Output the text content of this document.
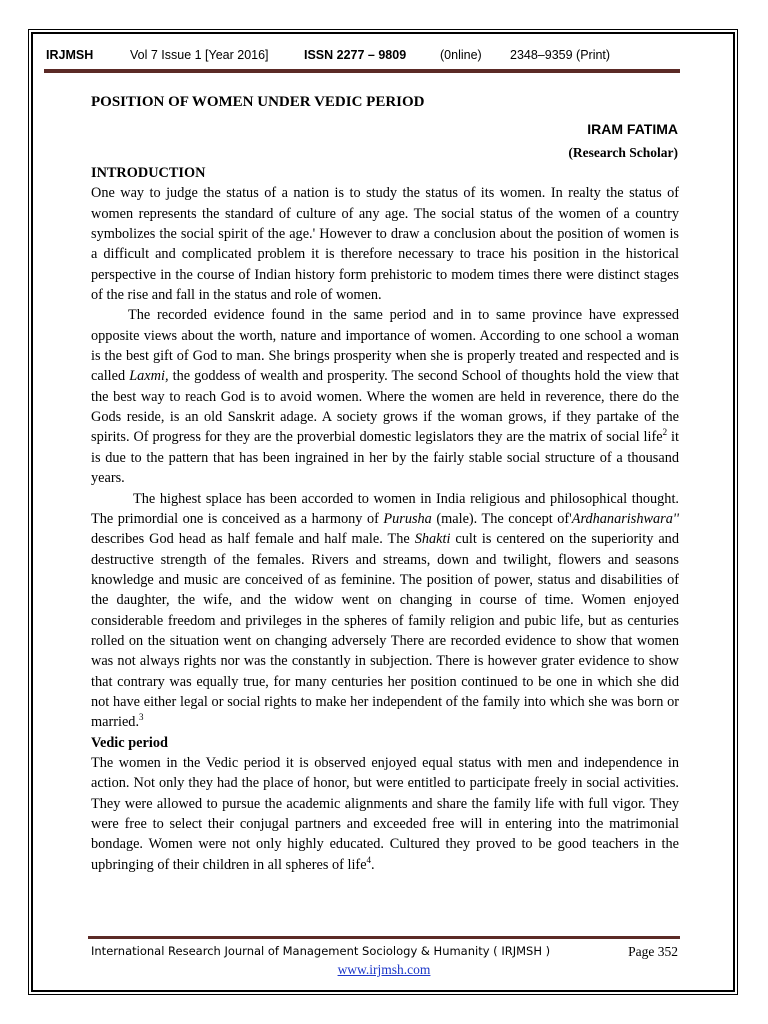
IRJMSH	Vol 7 Issue 1 [Year 2016]	ISSN 2277 – 9809	(0nline) 2348–9359 (Print)
POSITION OF WOMEN UNDER VEDIC PERIOD
IRAM FATIMA
(Research Scholar)
INTRODUCTION

One way to judge the status of a nation is to study the status of its women. In realty the status of women represents the standard of culture of any age. The social status of the women of a country symbolizes the social spirit of the age.' However to draw a conclusion about the position of women is a difficult and complicated problem it is therefore necessary to trace his position in the historical perspective in the course of Indian history form prehistoric to modem times there were distinct stages of the rise and fall in the status and role of women.

The recorded evidence found in the same period and in to same province have expressed opposite views about the worth, nature and importance of women. According to one school a woman is the best gift of God to man. She brings prosperity when she is properly treated and respected and is called Laxmi, the goddess of wealth and prosperity. The second School of thoughts hold the view that the best way to reach God is to avoid women. Where the women are held in reverence, there do the Gods reside, is an old Sanskrit adage. A society grows if the woman grows, if they partake of the spirits. Of progress for they are the proverbial domestic legislators they are the matrix of social life$^2$ it is due to the pattern that has been ingrained in her by the fairly stable social structure of a thousand years.

The highest splace has been accorded to women in India religious and philosophical thought. The primordial one is conceived as a harmony of Purusha (male). The concept of'Ardhanarishwara'' describes God head as half female and half male. The Shakti cult is centered on the superiority and destructive strength of the females. Rivers and streams, down and twilight, flowers and seasons knowledge and music are conceived of as feminine. The position of power, status and disabilities of the daughter, the wife, and the widow went on changing in course of time. Women enjoyed considerable freedom and privileges in the spheres of family religion and pubic life, but as centuries rolled on the situation went on changing adversely There are recorded evidence to show that women was not always rights nor was the constantly in subjection. There is however grater evidence to show that contrary was equally true, for many centuries her position continued to be one in which she did not have either legal or social rights to make her independent of the family into which she was born or married.$^3$

Vedic period

The women in the Vedic period it is observed enjoyed equal status with men and independence in action. Not only they had the place of honor, but were entitled to participate freely in social activities. They were allowed to pursue the academic alignments and share the family life with full vigor. They were free to select their conjugal partners and exceeded free will in entering into the matrimonial bondage. Women were not only highly educated. Cultured they proved to be good teachers in the upbringing of their children in all spheres of life$^4$.

International Research Journal of Management Sociology & Humanity ( IRJMSH )	Page 352
www.irjmsh.com
